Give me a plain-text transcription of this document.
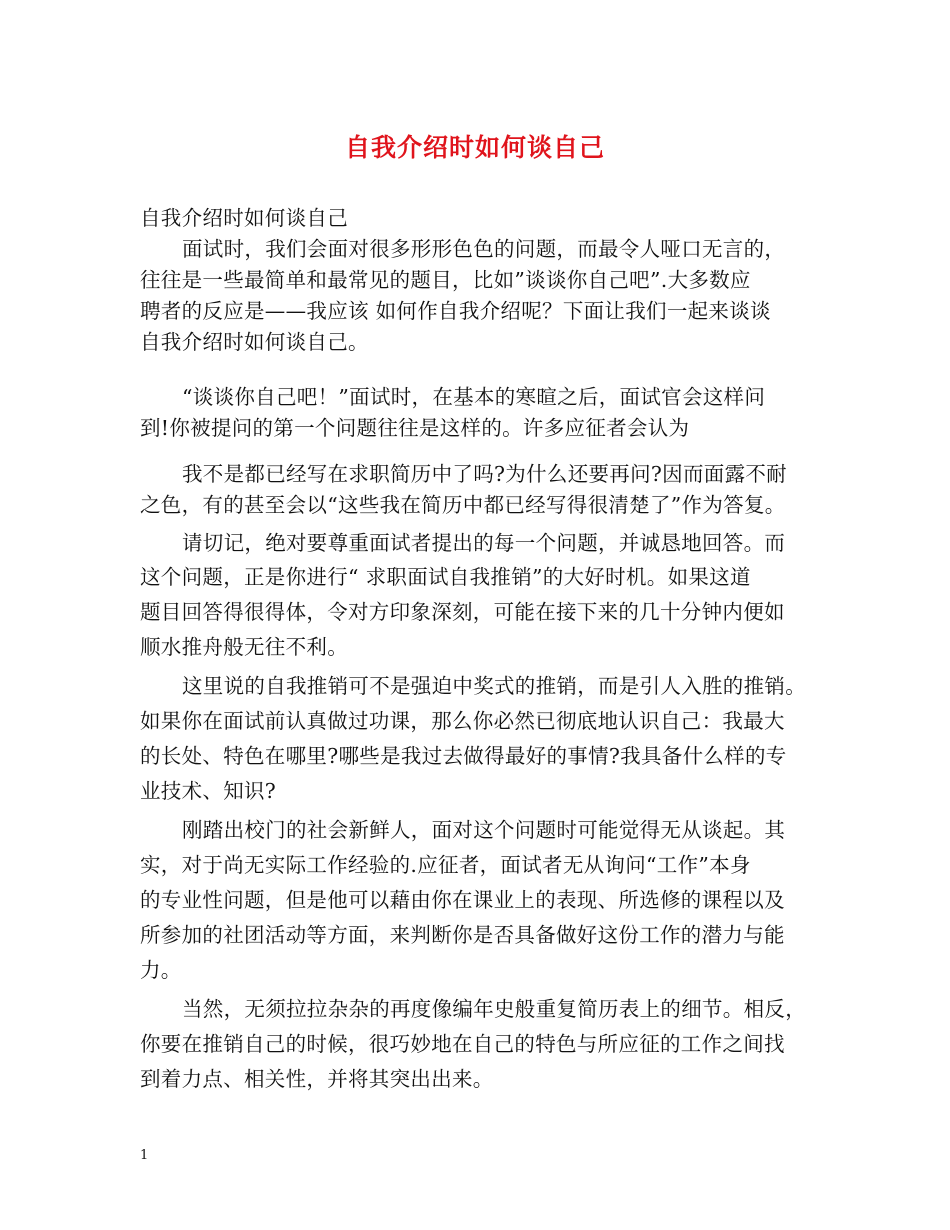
自我介绍时如何谈自己
自我介绍时如何谈自己
面试时，我们会面对很多形形色色的问题，而最令人哑口无言的，
往往是一些最简单和最常见的题目，比如”谈谈你自己吧”.大多数应
聘者的反应是——我应该 如何作自我介绍呢？下面让我们一起来谈谈
自我介绍时如何谈自己。
“谈谈你自己吧！”面试时，在基本的寒暄之后，面试官会这样问
到!你被提问的第一个问题往往是这样的。许多应征者会认为
我不是都已经写在求职简历中了吗?为什么还要再问?因而面露不耐
之色，有的甚至会以“这些我在简历中都已经写得很清楚了”作为答复。
请切记，绝对要尊重面试者提出的每一个问题，并诚恳地回答。而
这个问题，正是你进行“ 求职面试自我推销”的大好时机。如果这道
题目回答得很得体，令对方印象深刻，可能在接下来的几十分钟内便如
顺水推舟般无往不利。
这里说的自我推销可不是强迫中奖式的推销，而是引人入胜的推销。
如果你在面试前认真做过功课，那么你必然已彻底地认识自己：我最大
的长处、特色在哪里?哪些是我过去做得最好的事情?我具备什么样的专
业技术、知识?
刚踏出校门的社会新鲜人，面对这个问题时可能觉得无从谈起。其
实，对于尚无实际工作经验的.应征者，面试者无从询问“工作”本身
的专业性问题，但是他可以藉由你在课业上的表现、所选修的课程以及
所参加的社团活动等方面，来判断你是否具备做好这份工作的潜力与能
力。
当然，无须拉拉杂杂的再度像编年史般重复简历表上的细节。相反，
你要在推销自己的时候，很巧妙地在自己的特色与所应征的工作之间找
到着力点、相关性，并将其突出出来。
1
